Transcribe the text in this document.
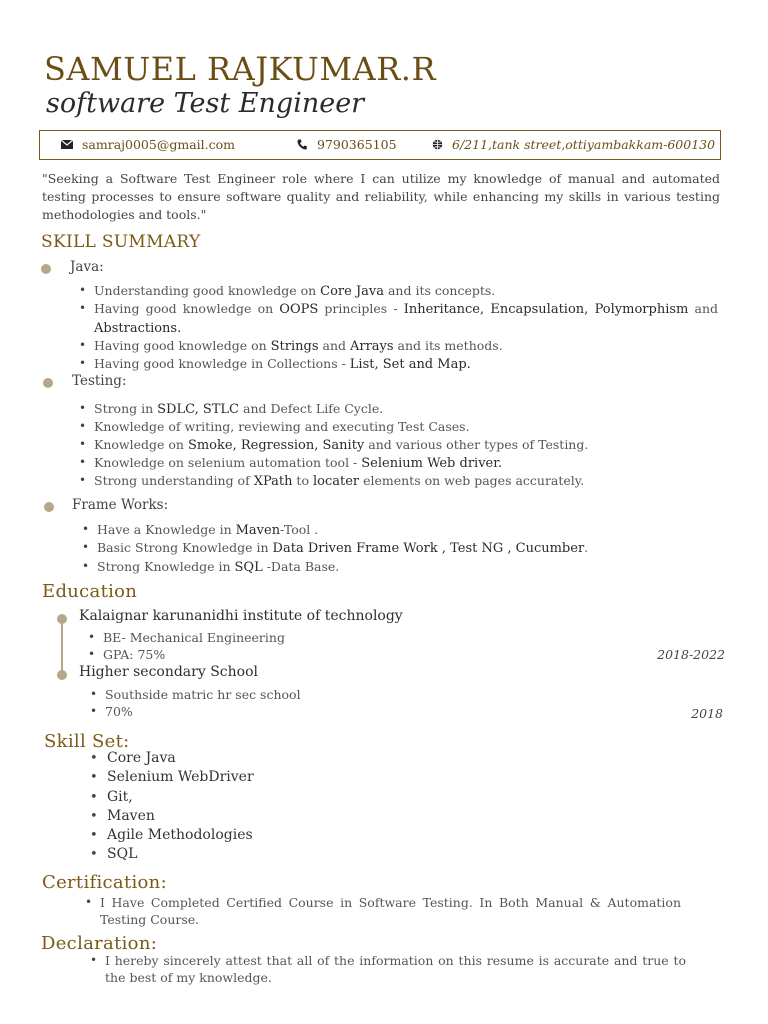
SAMUEL RAJKUMAR.R
software Test Engineer
samraj0005@gmail.com	9790365105	6/211,tank street,ottiyambakkam-600130
"Seeking a Software Test Engineer role where I can utilize my knowledge of manual and automated testing processes to ensure software quality and reliability, while enhancing my skills in various testing methodologies and tools."
SKILL SUMMARY
Java:
• Understanding good knowledge on Core Java and its concepts.
• Having good knowledge on OOPS principles - Inheritance, Encapsulation, Polymorphism and Abstractions.
• Having good knowledge on Strings and Arrays and its methods.
• Having good knowledge in Collections - List, Set and Map.
Testing:
• Strong in SDLC, STLC and Defect Life Cycle.
• Knowledge of writing, reviewing and executing Test Cases.
• Knowledge on Smoke, Regression, Sanity and various other types of Testing.
• Knowledge on selenium automation tool - Selenium Web driver.
• Strong understanding of XPath to locater elements on web pages accurately.
Frame Works:
• Have a Knowledge in Maven-Tool .
• Basic Strong Knowledge in Data Driven Frame Work , Test NG , Cucumber.
• Strong Knowledge in SQL -Data Base.
Education
Kalaignar karunanidhi institute of technology
• BE- Mechanical Engineering
• GPA: 75%	2018-2022
Higher secondary School
• Southside matric hr sec school
• 70%	2018
Skill Set:
• Core Java
• Selenium WebDriver
• Git,
• Maven
• Agile Methodologies
• SQL
Certification:
• I Have Completed Certified Course in Software Testing. In Both Manual & Automation Testing Course.
Declaration:
• I hereby sincerely attest that all of the information on this resume is accurate and true to the best of my knowledge.
